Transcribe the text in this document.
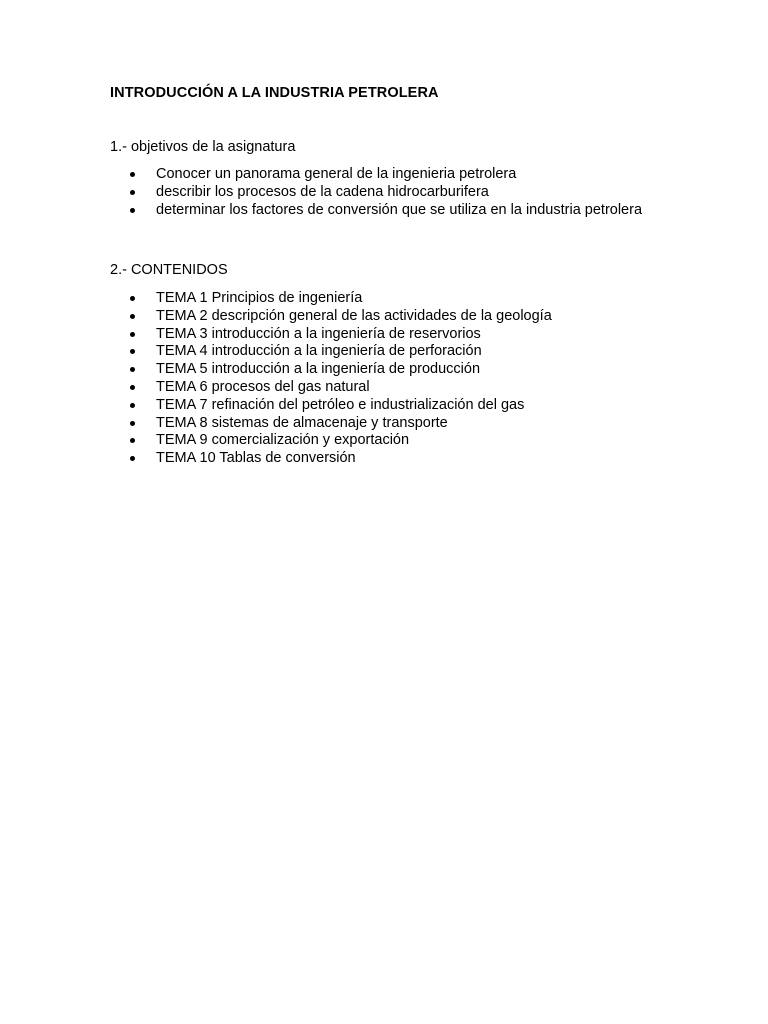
INTRODUCCIÓN A LA INDUSTRIA PETROLERA
1.- objetivos de la asignatura
Conocer un panorama general de la ingenieria petrolera
describir los procesos de la cadena hidrocarburifera
determinar los factores de conversión que se utiliza en la industria petrolera
2.- CONTENIDOS
TEMA 1 Principios de ingeniería
TEMA 2 descripción general de las actividades de la geología
TEMA 3 introducción a la ingeniería de reservorios
TEMA 4 introducción a la ingeniería de perforación
TEMA 5 introducción a la ingeniería de producción
TEMA 6 procesos del gas natural
TEMA 7 refinación del petróleo e industrialización del gas
TEMA 8 sistemas de almacenaje y transporte
TEMA 9 comercialización y exportación
TEMA 10 Tablas de conversión
